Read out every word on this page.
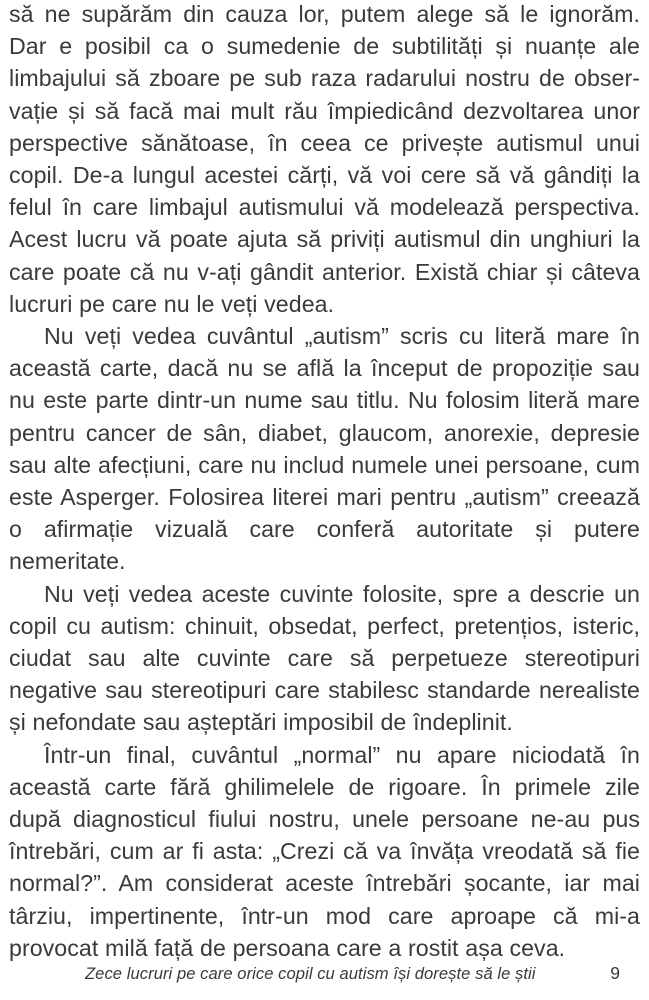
să ne supărăm din cauza lor, putem alege să le ignorăm. Dar e posibil ca o sumedenie de subtilități și nuanțe ale limbajului să zboare pe sub raza radarului nostru de observație și să facă mai mult rău împiedicând dezvoltarea unor perspective sănătoase, în ceea ce privește autismul unui copil. De-a lungul acestei cărți, vă voi cere să vă gândiți la felul în care limbajul autismului vă modelează perspectiva. Acest lucru vă poate ajuta să priviți autismul din unghiuri la care poate că nu v-ați gândit anterior. Există chiar și câteva lucruri pe care nu le veți vedea.

Nu veți vedea cuvântul „autism” scris cu literă mare în această carte, dacă nu se află la început de propoziție sau nu este parte dintr-un nume sau titlu. Nu folosim literă mare pentru cancer de sân, diabet, glaucom, anorexie, depresie sau alte afecțiuni, care nu includ numele unei persoane, cum este Asperger. Folosirea literei mari pentru „autism” creează o afirmație vizuală care conferă autoritate și putere nemeritate.

Nu veți vedea aceste cuvinte folosite, spre a descrie un copil cu autism: chinuit, obsedat, perfect, pretențios, isteric, ciudat sau alte cuvinte care să perpetueze stereotipuri negative sau stereotipuri care stabilesc standarde nerealiste și nefondate sau așteptări imposibil de îndeplinit.

Într-un final, cuvântul „normal” nu apare niciodată în această carte fără ghilimelele de rigoare. În primele zile după diagnosticul fiului nostru, unele persoane ne-au pus întrebări, cum ar fi asta: „Crezi că va învăța vreodată să fie normal?”. Am considerat aceste întrebări șocante, iar mai târziu, impertinente, într-un mod care aproape că mi-a provocat milă față de persoana care a rostit așa ceva.

Zece lucruri pe care orice copil cu autism își dorește să le știi	9
